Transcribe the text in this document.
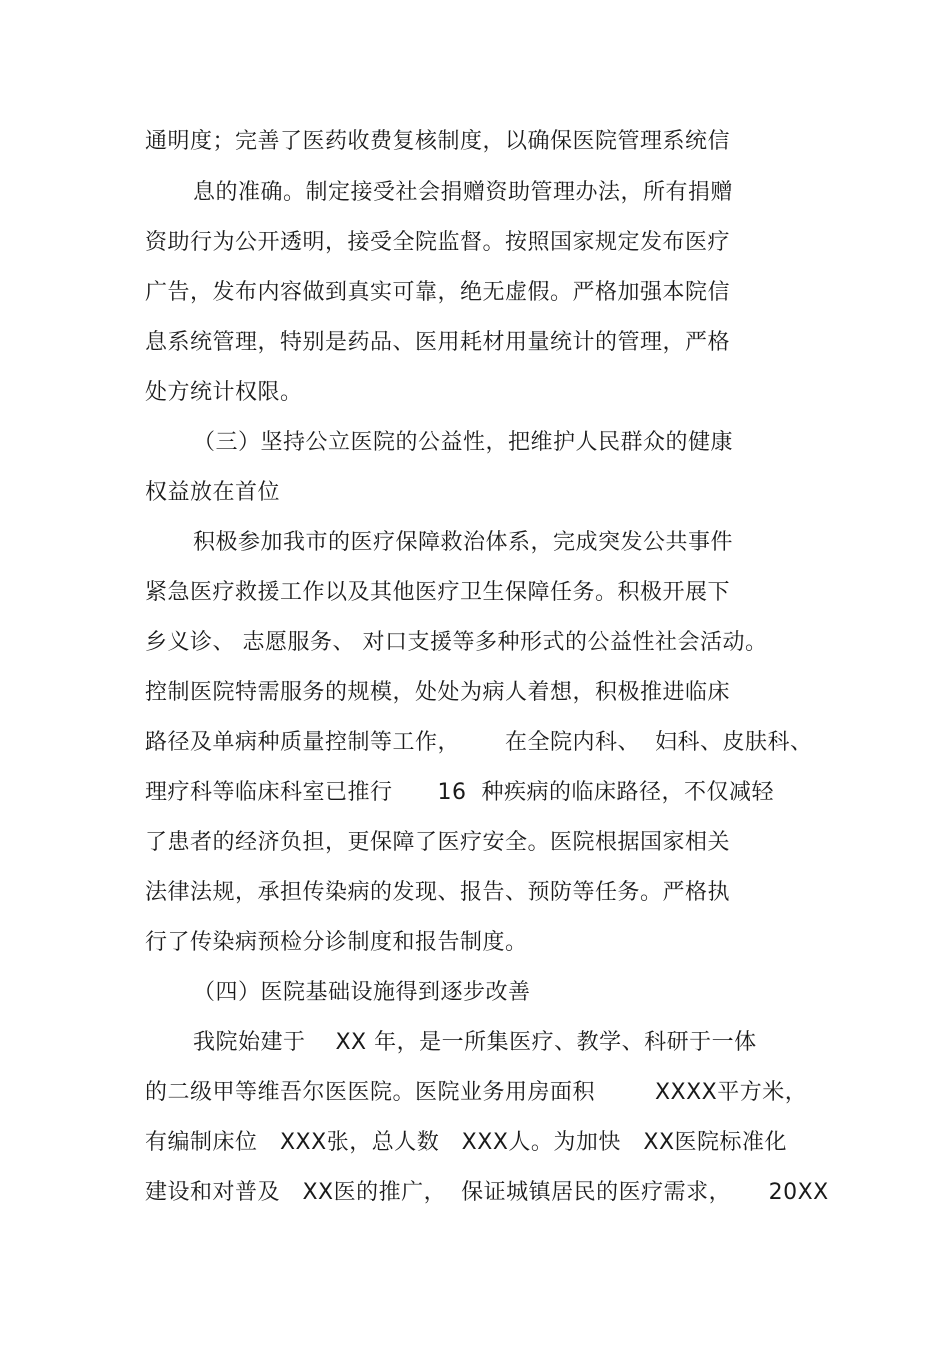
通明度；完善了医药收费复核制度，以确保医院管理系统信
息的准确。制定接受社会捐赠资助管理办法，所有捐赠
资助行为公开透明，接受全院监督。按照国家规定发布医疗
广告，发布内容做到真实可靠，绝无虚假。严格加强本院信
息系统管理，特别是药品、医用耗材用量统计的管理，严格
处方统计权限。
（三）坚持公立医院的公益性，把维护人民群众的健康
权益放在首位
积极参加我市的医疗保障救治体系，完成突发公共事件
紧急医疗救援工作以及其他医疗卫生保障任务。积极开展下
乡义诊、 志愿服务、 对口支援等多种形式的公益性社会活动。
控制医院特需服务的规模，处处为病人着想，积极推进临床
路径及单病种质量控制等工作，      在全院内科、  妇科、皮肤科、
理疗科等临床科室已推行      16  种疾病的临床路径，不仅减轻
了患者的经济负担，更保障了医疗安全。医院根据国家相关
法律法规，承担传染病的发现、报告、预防等任务。严格执
行了传染病预检分诊制度和报告制度。
（四）医院基础设施得到逐步改善
我院始建于    XX 年，是一所集医疗、教学、科研于一体
的二级甲等维吾尔医医院。医院业务用房面积        XXXX平方米，
有编制床位   XXX张，总人数   XXX人。为加快   XX医院标准化
建设和对普及   XX医的推广，  保证城镇居民的医疗需求，     20XX
